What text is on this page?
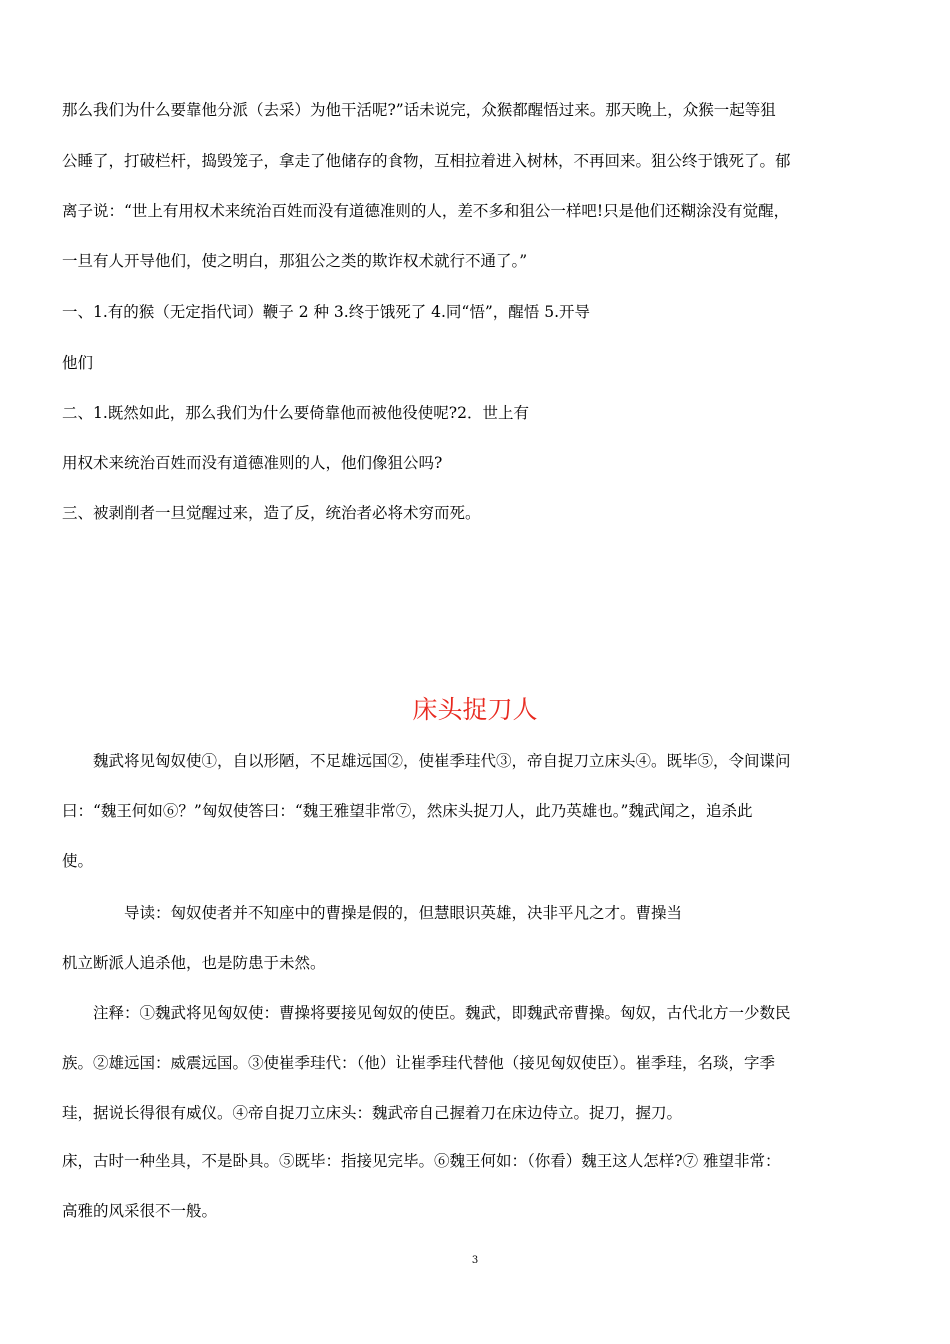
那么我们为什么要靠他分派（去采）为他干活呢?”话未说完，众猴都醒悟过来。那天晚上，众猴一起等狙
公睡了，打破栏杆，捣毁笼子，拿走了他储存的食物，互相拉着进入树林，不再回来。狙公终于饿死了。郁
离子说：“世上有用权术来统治百姓而没有道德准则的人，差不多和狙公一样吧!只是他们还糊涂没有觉醒，
一旦有人开导他们，使之明白，那狙公之类的欺诈权术就行不通了。”
一、1.有的猴（无定指代词）鞭子 2 种 3.终于饿死了 4.同“悟”，醒悟 5.开导
他们
二、1.既然如此，那么我们为什么要倚靠他而被他役使呢?2．世上有
用权术来统治百姓而没有道德准则的人，他们像狙公吗?
三、被剥削者一旦觉醒过来，造了反，统治者必将术穷而死。
床头捉刀人
魏武将见匈奴使①，自以形陋，不足雄远国②，使崔季珪代③，帝自捉刀立床头④。既毕⑤，令间谍问
曰：“魏王何如⑥？”匈奴使答曰：“魏王雅望非常⑦，然床头捉刀人，此乃英雄也。”魏武闻之，追杀此
使。
导读：匈奴使者并不知座中的曹操是假的，但慧眼识英雄，决非平凡之才。曹操当
机立断派人追杀他，也是防患于未然。
注释：①魏武将见匈奴使：曹操将要接见匈奴的使臣。魏武，即魏武帝曹操。匈奴，古代北方一少数民
族。②雄远国：威震远国。③使崔季珪代：（他）让崔季珪代替他（接见匈奴使臣）。崔季珪，名琰，字季
珪，据说长得很有威仪。④帝自捉刀立床头：魏武帝自己握着刀在床边侍立。捉刀，握刀。
床，古时一种坐具，不是卧具。⑤既毕：指接见完毕。⑥魏王何如：（你看）魏王这人怎样?⑦ 雅望非常：
高雅的风采很不一般。
3
